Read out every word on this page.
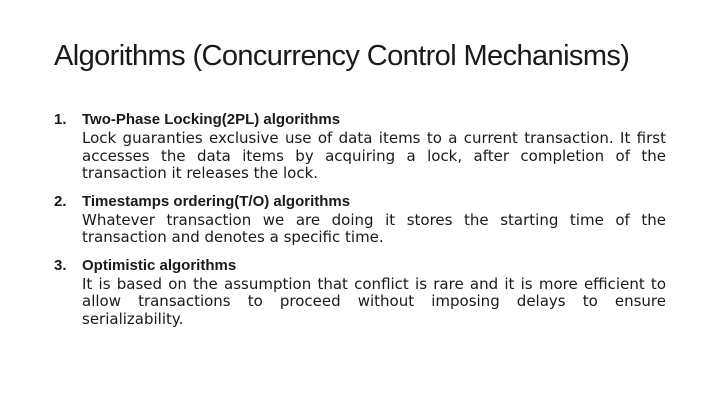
Algorithms (Concurrency Control Mechanisms)
1.	Two-Phase Locking(2PL) algorithms
Lock guaranties exclusive use of data items to a current transaction. It first accesses the data items by acquiring a lock, after completion of the transaction it releases the lock.
2.	Timestamps ordering(T/O) algorithms
Whatever transaction we are doing it stores the starting time of the transaction and denotes a specific time.
3.	Optimistic algorithms
It is based on the assumption that conflict is rare and it is more efficient to allow transactions to proceed without imposing delays to ensure serializability.
